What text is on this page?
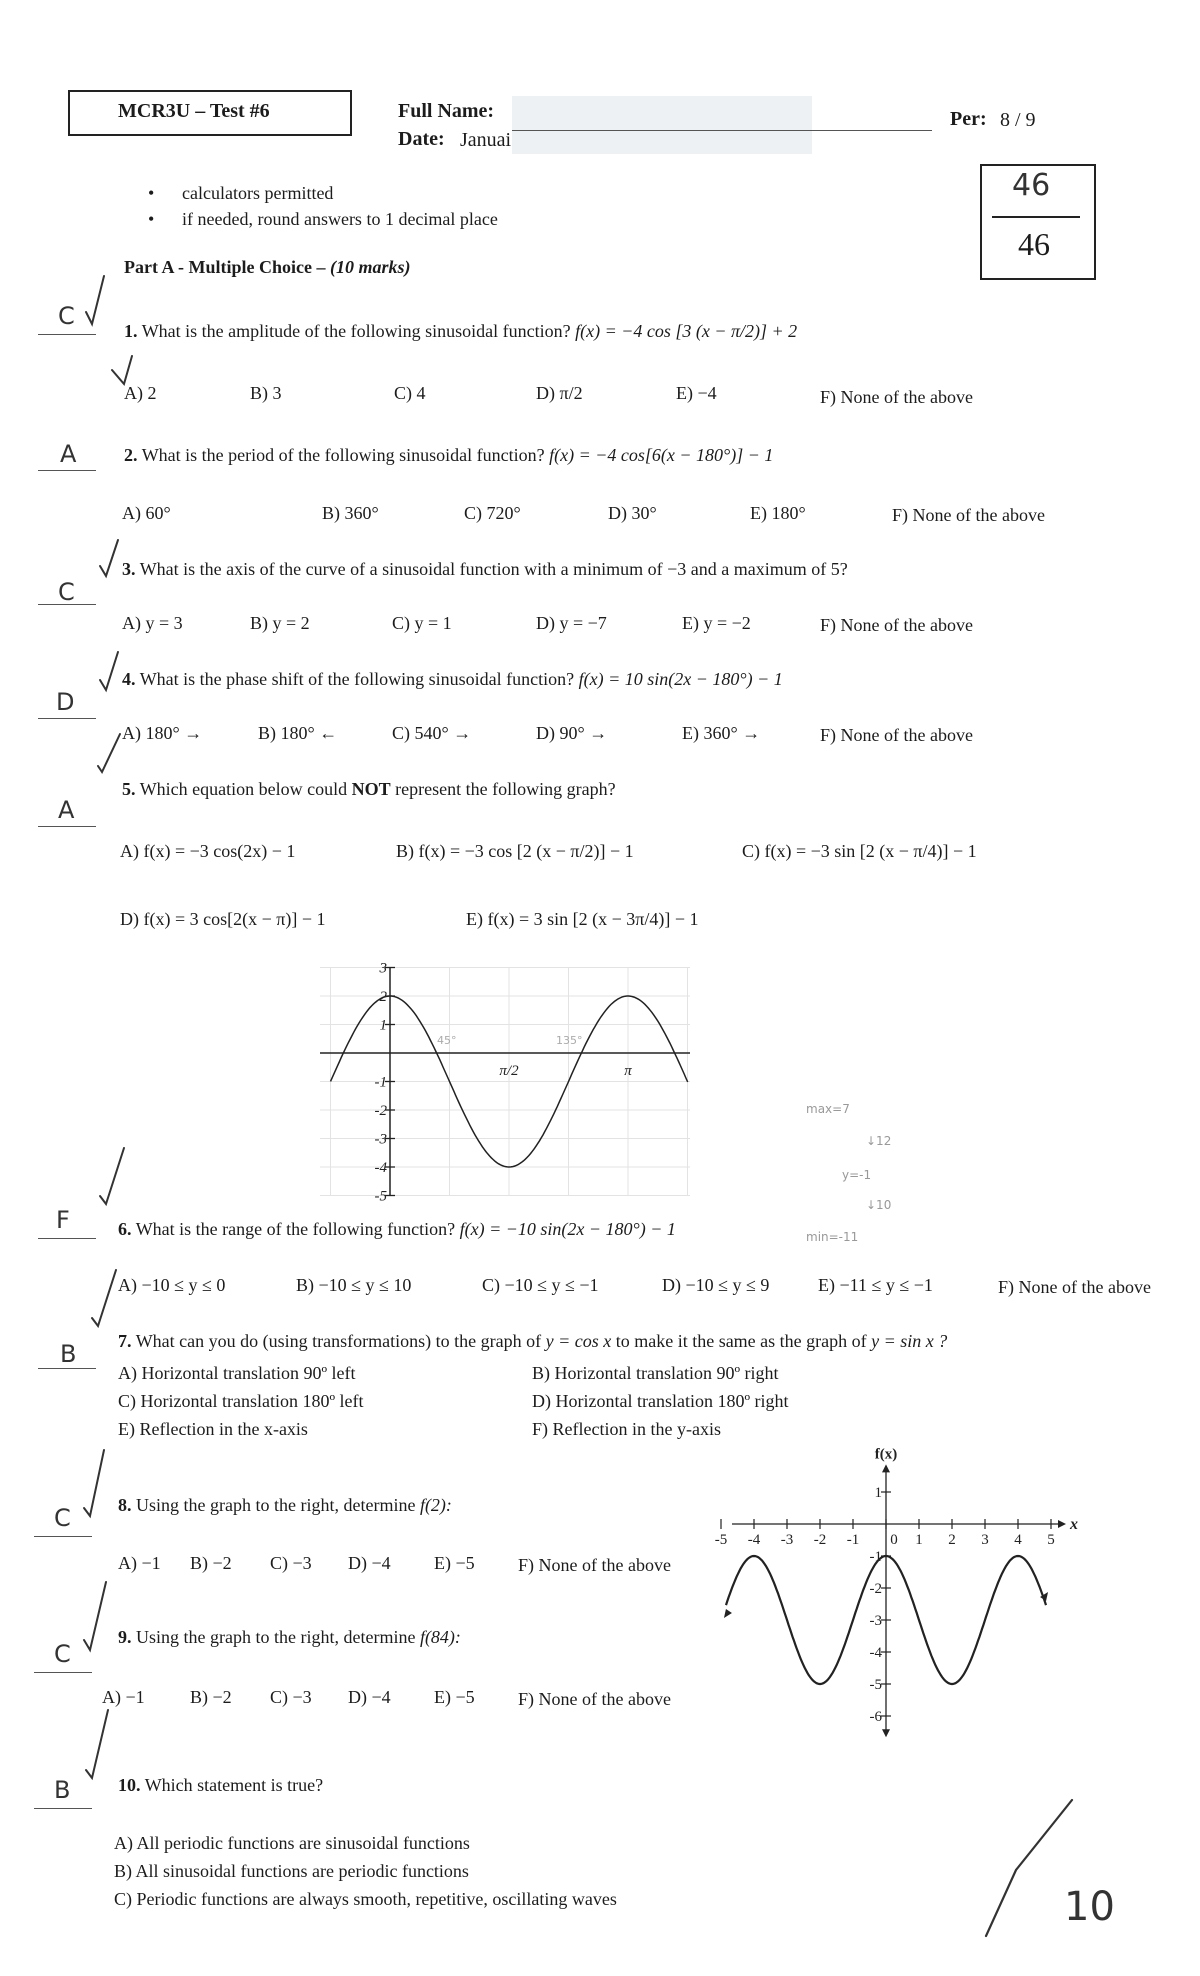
MCR3U – Test #6	Full Name:
Date: Januai
Per: 8 / 9
46
46
• calculators permitted
• if needed, round answers to 1 decimal place
Part A - Multiple Choice – (10 marks)
C
A
C
D
A
F
B
C
C
B
10
1. What is the amplitude of the following sinusoidal function? f(x) = −4 cos [3 (x − π/2)] + 2
A) 2	B) 3	C) 4	D) π/2	E) −4	F) None of the above
2. What is the period of the following sinusoidal function? f(x) = −4 cos[6(x − 180°)] − 1
A) 60°	B) 360°	C) 720°	D) 30°	E) 180°	F) None of the above
3. What is the axis of the curve of a sinusoidal function with a minimum of −3 and a maximum of 5?
A) y = 3	B) y = 2	C) y = 1	D) y = −7	E) y = −2	F) None of the above
4. What is the phase shift of the following sinusoidal function? f(x) = 10 sin(2x − 180°) − 1
A) 180° →	B) 180° ←	C) 540° →	D) 90° →	E) 360° →	F) None of the above
5. Which equation below could NOT represent the following graph?
A) f(x) = −3 cos(2x) − 1	B) f(x) = −3 cos [2 (x − π/2)] − 1	C) f(x) = −3 sin [2 (x − π/4)] − 1
D) f(x) = 3 cos[2(x − π)] − 1	E) f(x) = 3 sin [2 (x − 3π/4)] − 1
3
2
1
-1
-2
-3
-4
-5
π/2	π
45°	135°
max=7
↓12
y=-1
↓10
min=-11
6. What is the range of the following function? f(x) = −10 sin(2x − 180°) − 1
A) −10 ≤ y ≤ 0	B) −10 ≤ y ≤ 10	C) −10 ≤ y ≤ −1	D) −10 ≤ y ≤ 9	E) −11 ≤ y ≤ −1	F) None of the above
7. What can you do (using transformations) to the graph of y = cos x to make it the same as the graph of y = sin x ?
A) Horizontal translation 90º left	B) Horizontal translation 90º right
C) Horizontal translation 180º left	D) Horizontal translation 180º right
E) Reflection in the x-axis	F) Reflection in the y-axis
8. Using the graph to the right, determine f(2):
A) −1 B) −2 C) −3 D) −4 E) −5 F) None of the above
9. Using the graph to the right, determine f(84):
A) −1	B) −2 C) −3 D) −4 E) −5 F) None of the above
x
f(x)
-5 -4 -3 -2 -1 0 1 2 3 4 5
1
-1
-2
-3
-4
-5
-6
10. Which statement is true?
A) All periodic functions are sinusoidal functions
B) All sinusoidal functions are periodic functions
C) Periodic functions are always smooth, repetitive, oscillating waves
